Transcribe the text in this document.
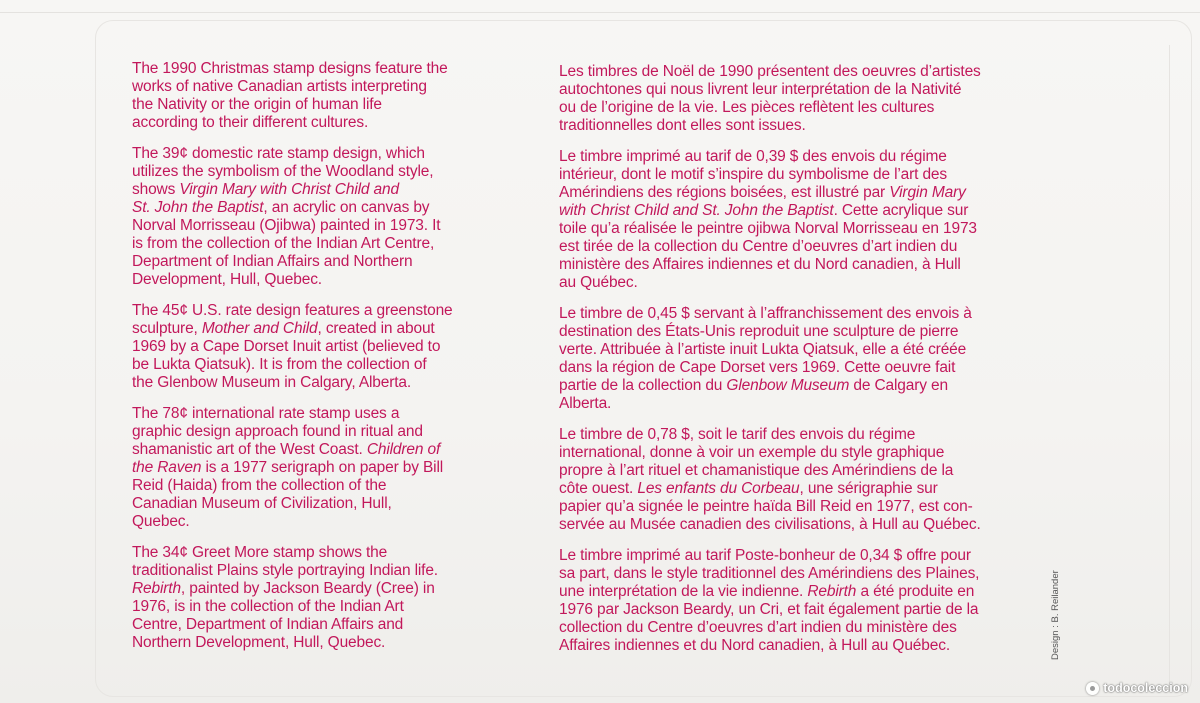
The 1990 Christmas stamp designs feature the
works of native Canadian artists interpreting
the Nativity or the origin of human life
according to their different cultures.

The 39¢ domestic rate stamp design, which
utilizes the symbolism of the Woodland style,
shows Virgin Mary with Christ Child and
St. John the Baptist, an acrylic on canvas by
Norval Morrisseau (Ojibwa) painted in 1973. It
is from the collection of the Indian Art Centre,
Department of Indian Affairs and Northern
Development, Hull, Quebec.

The 45¢ U.S. rate design features a greenstone
sculpture, Mother and Child, created in about
1969 by a Cape Dorset Inuit artist (believed to
be Lukta Qiatsuk). It is from the collection of
the Glenbow Museum in Calgary, Alberta.

The 78¢ international rate stamp uses a
graphic design approach found in ritual and
shamanistic art of the West Coast. Children of
the Raven is a 1977 serigraph on paper by Bill
Reid (Haida) from the collection of the
Canadian Museum of Civilization, Hull,
Quebec.

The 34¢ Greet More stamp shows the
traditionalist Plains style portraying Indian life.
Rebirth, painted by Jackson Beardy (Cree) in
1976, is in the collection of the Indian Art
Centre, Department of Indian Affairs and
Northern Development, Hull, Quebec.

Les timbres de Noël de 1990 présentent des oeuvres d’artistes
autochtones qui nous livrent leur interprétation de la Nativité
ou de l’origine de la vie. Les pièces reflètent les cultures
traditionnelles dont elles sont issues.

Le timbre imprimé au tarif de 0,39 $ des envois du régime
intérieur, dont le motif s’inspire du symbolisme de l’art des
Amérindiens des régions boisées, est illustré par Virgin Mary
with Christ Child and St. John the Baptist. Cette acrylique sur
toile qu’a réalisée le peintre ojibwa Norval Morrisseau en 1973
est tirée de la collection du Centre d’oeuvres d’art indien du
ministère des Affaires indiennes et du Nord canadien, à Hull
au Québec.

Le timbre de 0,45 $ servant à l’affranchissement des envois à
destination des États-Unis reproduit une sculpture de pierre
verte. Attribuée à l’artiste inuit Lukta Qiatsuk, elle a été créée
dans la région de Cape Dorset vers 1969. Cette oeuvre fait
partie de la collection du Glenbow Museum de Calgary en
Alberta.

Le timbre de 0,78 $, soit le tarif des envois du régime
international, donne à voir un exemple du style graphique
propre à l’art rituel et chamanistique des Amérindiens de la
côte ouest. Les enfants du Corbeau, une sérigraphie sur
papier qu’a signée le peintre haïda Bill Reid en 1977, est con-
servée au Musée canadien des civilisations, à Hull au Québec.

Le timbre imprimé au tarif Poste-bonheur de 0,34 $ offre pour
sa part, dans le style traditionnel des Amérindiens des Plaines,
une interprétation de la vie indienne. Rebirth a été produite en
1976 par Jackson Beardy, un Cri, et fait également partie de la
collection du Centre d’oeuvres d’art indien du ministère des
Affaires indiennes et du Nord canadien, à Hull au Québec.	Design : B. Reilander
todocoleccion
